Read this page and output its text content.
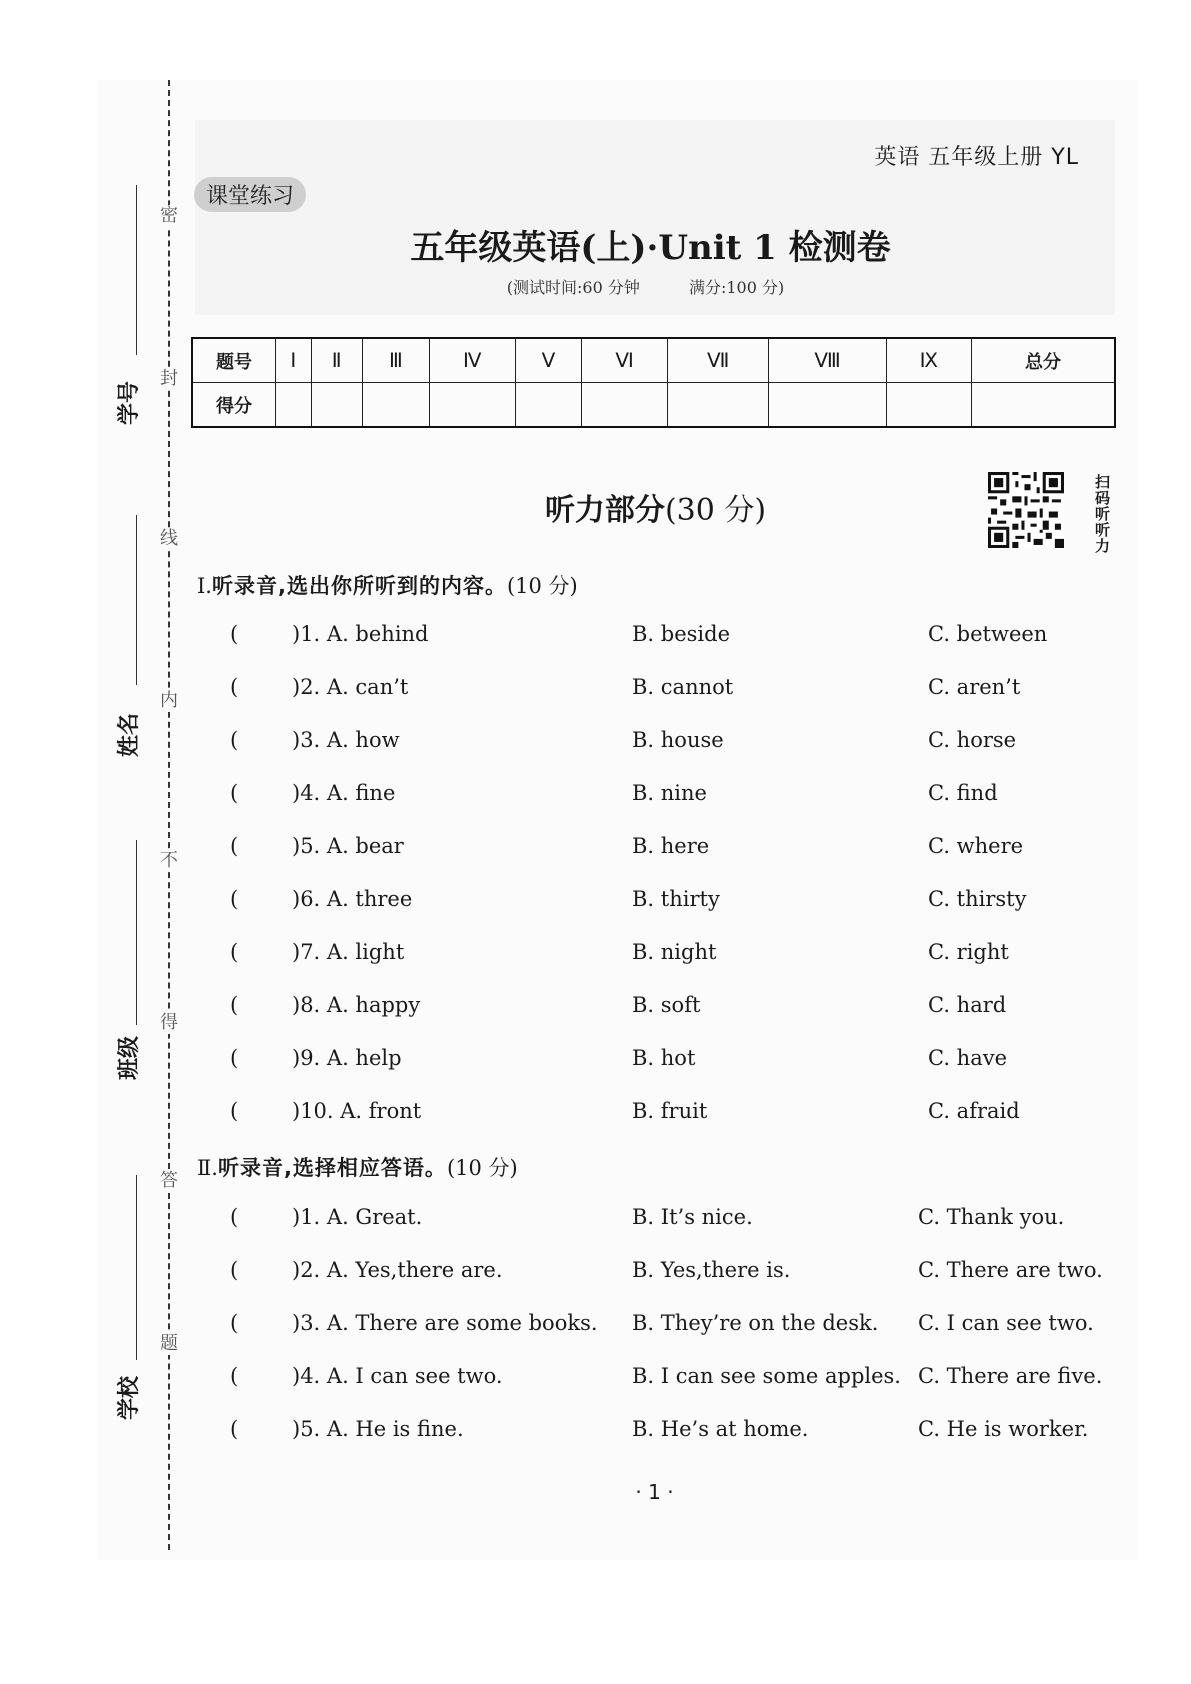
密
封
线
内
不
得
答
题
学号
姓名
班级
学校
英语 五年级上册 YL
课堂练习
五年级英语(上)·Unit 1 检测卷
(测试时间:60 分钟	满分:100 分)
题号	Ⅰ	Ⅱ	Ⅲ	Ⅳ	Ⅴ	Ⅵ	Ⅶ	Ⅷ	Ⅸ	总分
得分										
听力部分(30 分)
扫
码
听
听
力
Ⅰ.听录音,选出你所听到的内容。(10 分)
(	)1. A. behind	B. beside	C. between
(	)2. A. can’t	B. cannot	C. aren’t
(	)3. A. how	B. house	C. horse
(	)4. A. fine	B. nine	C. find
(	)5. A. bear	B. here	C. where
(	)6. A. three	B. thirty	C. thirsty
(	)7. A. light	B. night	C. right
(	)8. A. happy	B. soft	C. hard
(	)9. A. help	B. hot	C. have
(	)10. A. front	B. fruit	C. afraid
Ⅱ.听录音,选择相应答语。(10 分)
(	)1. A. Great.	B. It’s nice.	C. Thank you.
(	)2. A. Yes,there are.	B. Yes,there is.	C. There are two.
(	)3. A. There are some books. B. They’re on the desk. C. I can see two.
(	)4. A. I can see two.	B. I can see some apples. C. There are five.
(	)5. A. He is fine.	B. He’s at home.	C. He is worker.
· 1 ·
